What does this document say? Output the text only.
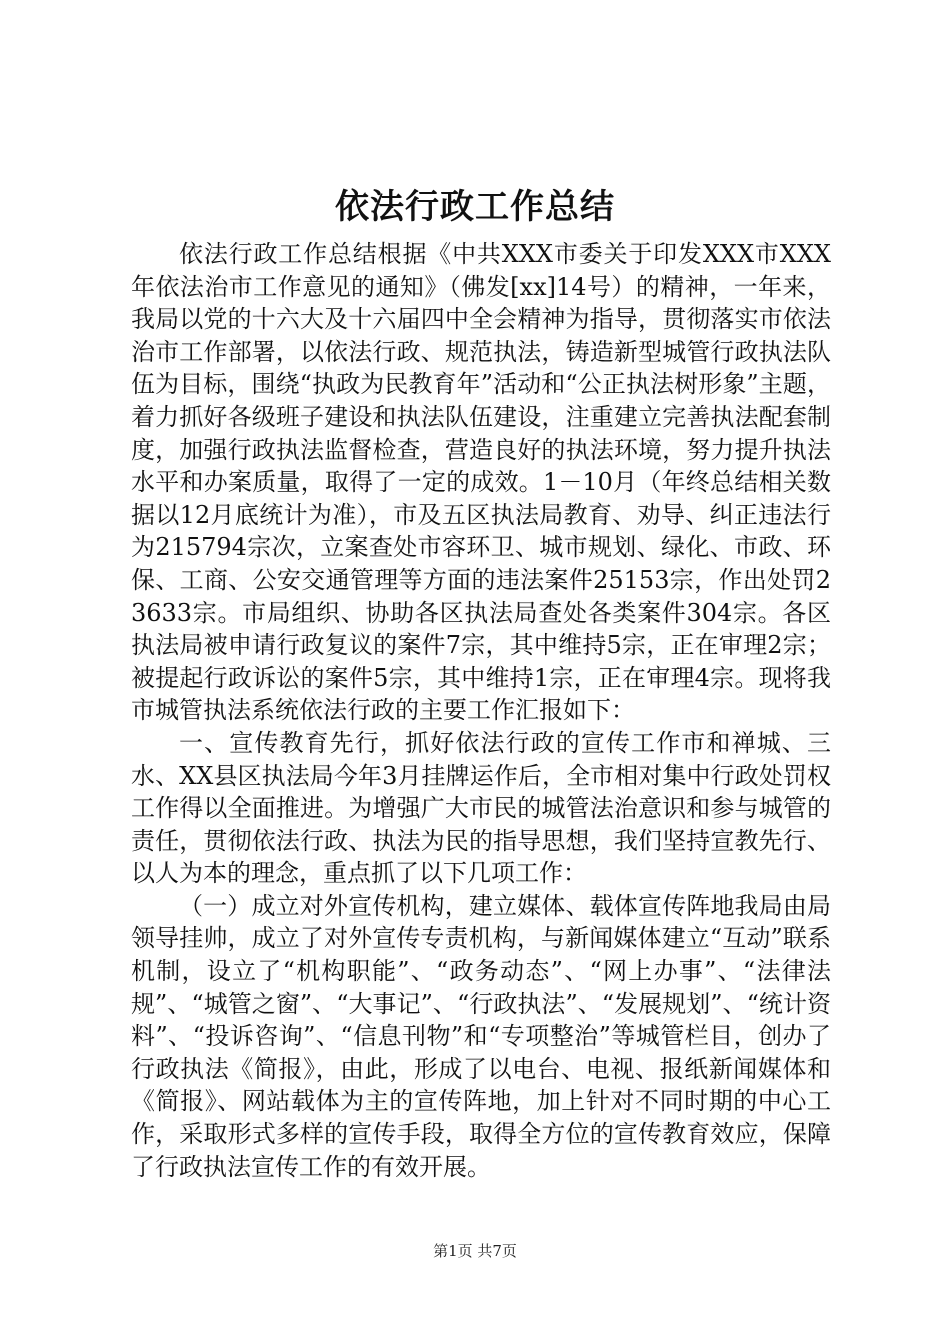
依法行政工作总结

依法行政工作总结根据《中共XXX市委关于印发XXX市XXX年依法治市工作意见的通知》（佛发[xx]14号）的精神，一年来，我局以党的十六大及十六届四中全会精神为指导，贯彻落实市依法治市工作部署，以依法行政、规范执法，铸造新型城管行政执法队伍为目标，围绕“执政为民教育年”活动和“公正执法树形象”主题，着力抓好各级班子建设和执法队伍建设，注重建立完善执法配套制度，加强行政执法监督检查，营造良好的执法环境，努力提升执法水平和办案质量，取得了一定的成效。1－10月（年终总结相关数据以12月底统计为准），市及五区执法局教育、劝导、纠正违法行为215794宗次，立案查处市容环卫、城市规划、绿化、市政、环保、工商、公安交通管理等方面的违法案件25153宗，作出处罚23633宗。市局组织、协助各区执法局查处各类案件304宗。各区执法局被申请行政复议的案件7宗，其中维持5宗，正在审理2宗；被提起行政诉讼的案件5宗，其中维持1宗，正在审理4宗。现将我市城管执法系统依法行政的主要工作汇报如下：

一、宣传教育先行，抓好依法行政的宣传工作市和禅城、三水、XX县区执法局今年3月挂牌运作后，全市相对集中行政处罚权工作得以全面推进。为增强广大市民的城管法治意识和参与城管的责任，贯彻依法行政、执法为民的指导思想，我们坚持宣教先行、以人为本的理念，重点抓了以下几项工作：

（一）成立对外宣传机构，建立媒体、载体宣传阵地我局由局领导挂帅，成立了对外宣传专责机构，与新闻媒体建立“互动”联系机制，设立了“机构职能”、“政务动态”、“网上办事”、“法律法规”、“城管之窗”、“大事记”、“行政执法”、“发展规划”、“统计资料”、“投诉咨询”、“信息刊物”和“专项整治”等城管栏目，创办了行政执法《简报》，由此，形成了以电台、电视、报纸新闻媒体和《简报》、网站载体为主的宣传阵地，加上针对不同时期的中心工作，采取形式多样的宣传手段，取得全方位的宣传教育效应，保障了行政执法宣传工作的有效开展。

第1页 共7页
